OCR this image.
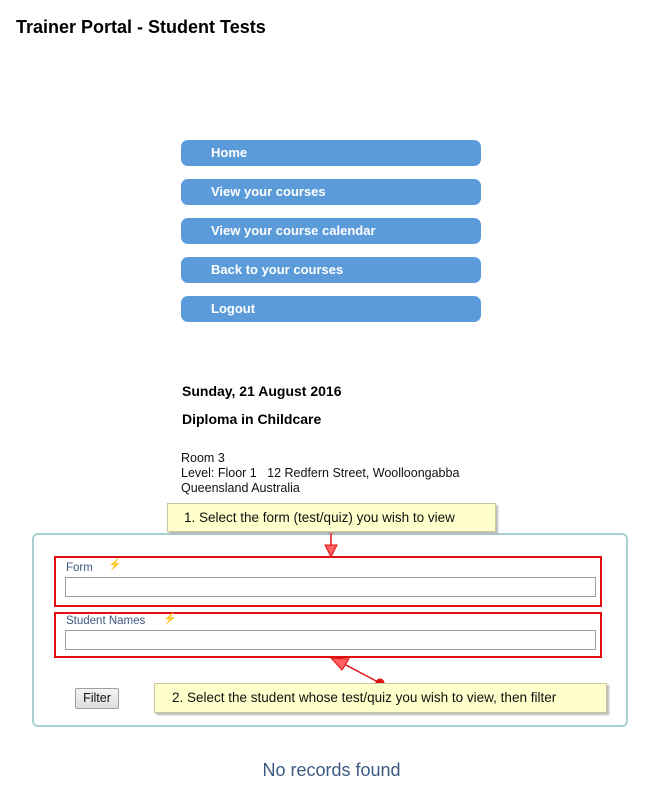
Trainer Portal - Student Tests
Home
View your courses
View your course calendar
Back to your courses
Logout
Sunday, 21 August 2016
Diploma in Childcare
Room 3
Level: Floor 1   12 Redfern Street, Woolloongabba
Queensland Australia
Form ⚡
Student Names ⚡
Filter
1. Select the form (test/quiz) you wish to view
2. Select the student whose test/quiz you wish to view, then filter
No records found
